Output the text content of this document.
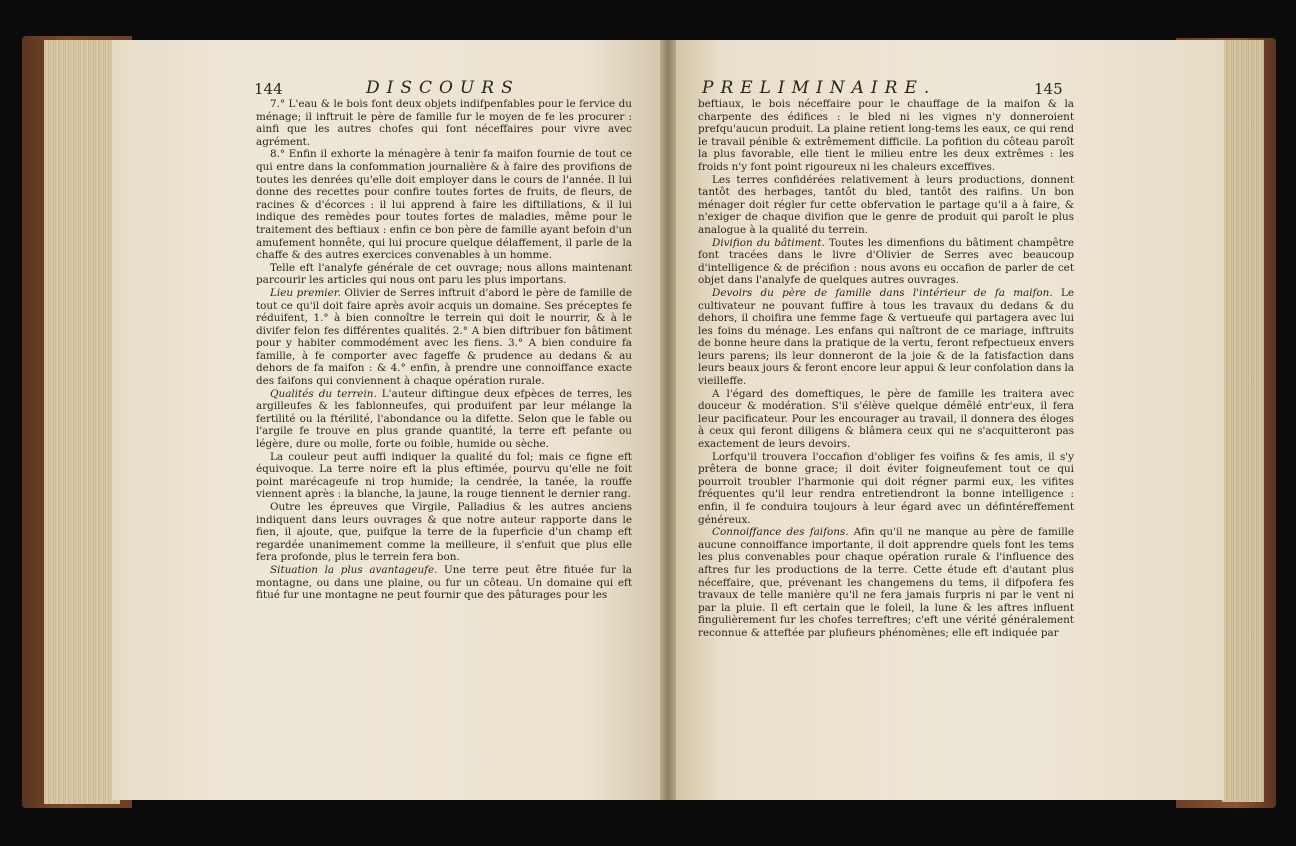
144	DISCOURS

7.° L'eau & le bois font deux objets indifpenfables pour le fervice du ménage; il inftruit le père de famille fur le moyen de fe les procurer : ainfi que les autres chofes qui font néceffaires pour vivre avec agrément.

8.° Enfin il exhorte la ménagère à tenir fa maifon fournie de tout ce qui entre dans la confommation journalière & à faire des provifions de toutes les denrées qu'elle doit employer dans le cours de l'année. Il lui donne des recettes pour confire toutes fortes de fruits, de fleurs, de racines & d'écorces : il lui apprend à faire les diftillations, & il lui indique des remèdes pour toutes fortes de maladies, même pour le traitement des beftiaux : enfin ce bon père de famille ayant befoin d'un amufement honnête, qui lui procure quelque délaffement, il parle de la chaffe & des autres exercices convenables à un homme.

Telle eft l'analyfe générale de cet ouvrage; nous allons maintenant parcourir les articles qui nous ont paru les plus importans.

Lieu premier. Olivier de Serres inftruit d'abord le père de famille de tout ce qu'il doit faire après avoir acquis un domaine. Ses préceptes fe réduifent, 1.° à bien connoître le terrein qui doit le nourrir, & à le divifer felon fes différentes qualités. 2.° A bien diftribuer fon bâtiment pour y habiter commodément avec les fiens. 3.° A bien conduire fa famille, à fe comporter avec fageffe & prudence au dedans & au dehors de fa maifon : & 4.° enfin, à prendre une connoiffance exacte des faifons qui conviennent à chaque opération rurale.

Qualités du terrein. L'auteur diftingue deux efpèces de terres, les argilleufes & les fablonneufes, qui produifent par leur mélange la fertilité ou la ftérilité, l'abondance ou la difette. Selon que le fable ou l'argile fe trouve en plus grande quantité, la terre eft pefante ou légère, dure ou molle, forte ou foible, humide ou sèche.

La couleur peut auffi indiquer la qualité du fol; mais ce figne eft équivoque. La terre noire eft la plus eftimée, pourvu qu'elle ne foit point marécageufe ni trop humide; la cendrée, la tanée, la rouffe viennent après : la blanche, la jaune, la rouge tiennent le dernier rang.

Outre les épreuves que Virgile, Palladius & les autres anciens indiquent dans leurs ouvrages & que notre auteur rapporte dans le fien, il ajoute, que, puifque la terre de la fuperficie d'un champ eft regardée unanimement comme la meilleure, il s'enfuit que plus elle fera profonde, plus le terrein fera bon.

Situation la plus avantageufe. Une terre peut être fituée fur la montagne, ou dans une plaine, ou fur un côteau. Un domaine qui eft fitué fur une montagne ne peut fournir que des pâturages pour les

PRELIMINAIRE.	145

beftiaux, le bois néceffaire pour le chauffage de la maifon & la charpente des édifices : le bled ni les vignes n'y donneroient prefqu'aucun produit. La plaine retient long-tems les eaux, ce qui rend le travail pénible & extrêmement difficile. La pofition du côteau paroît la plus favorable, elle tient le milieu entre les deux extrêmes : les froids n'y font point rigoureux ni les chaleurs exceffives.

Les terres confidérées relativement à leurs productions, donnent tantôt des herbages, tantôt du bled, tantôt des raifins. Un bon ménager doit régler fur cette obfervation le partage qu'il a à faire, & n'exiger de chaque divifion que le genre de produit qui paroît le plus analogue à la qualité du terrein.

Divifion du bâtiment. Toutes les dimenfions du bâtiment champêtre font tracées dans le livre d'Olivier de Serres avec beaucoup d'intelligence & de précifion : nous avons eu occafion de parler de cet objet dans l'analyfe de quelques autres ouvrages.

Devoirs du père de famille dans l'intérieur de fa maifon. Le cultivateur ne pouvant fuffire à tous les travaux du dedans & du dehors, il choifira une femme fage & vertueufe qui partagera avec lui les foins du ménage. Les enfans qui naîtront de ce mariage, inftruits de bonne heure dans la pratique de la vertu, feront refpectueux envers leurs parens; ils leur donneront de la joie & de la fatisfaction dans leurs beaux jours & feront encore leur appui & leur confolation dans la vieilleffe.

A l'égard des domeftiques, le père de famille les traitera avec douceur & modération. S'il s'élève quelque démêlé entr'eux, il fera leur pacificateur. Pour les encourager au travail, il donnera des éloges à ceux qui feront diligens & blâmera ceux qui ne s'acquitteront pas exactement de leurs devoirs.

Lorfqu'il trouvera l'occafion d'obliger fes voifins & fes amis, il s'y prêtera de bonne grace; il doit éviter foigneufement tout ce qui pourroit troubler l'harmonie qui doit régner parmi eux, les vifites fréquentes qu'il leur rendra entretiendront la bonne intelligence : enfin, il fe conduira toujours à leur égard avec un défintéreffement généreux.

Connoiffance des faifons. Afin qu'il ne manque au père de famille aucune connoiffance importante, il doit apprendre quels font les tems les plus convenables pour chaque opération rurale & l'influence des aftres fur les productions de la terre. Cette étude eft d'autant plus néceffaire, que, prévenant les changemens du tems, il difpofera fes travaux de telle manière qu'il ne fera jamais furpris ni par le vent ni par la pluie. Il eft certain que le foleil, la lune & les aftres influent fingulièrement fur les chofes terreftres; c'eft une vérité généralement reconnue & atteftée par plufieurs phénomènes; elle eft indiquée par
